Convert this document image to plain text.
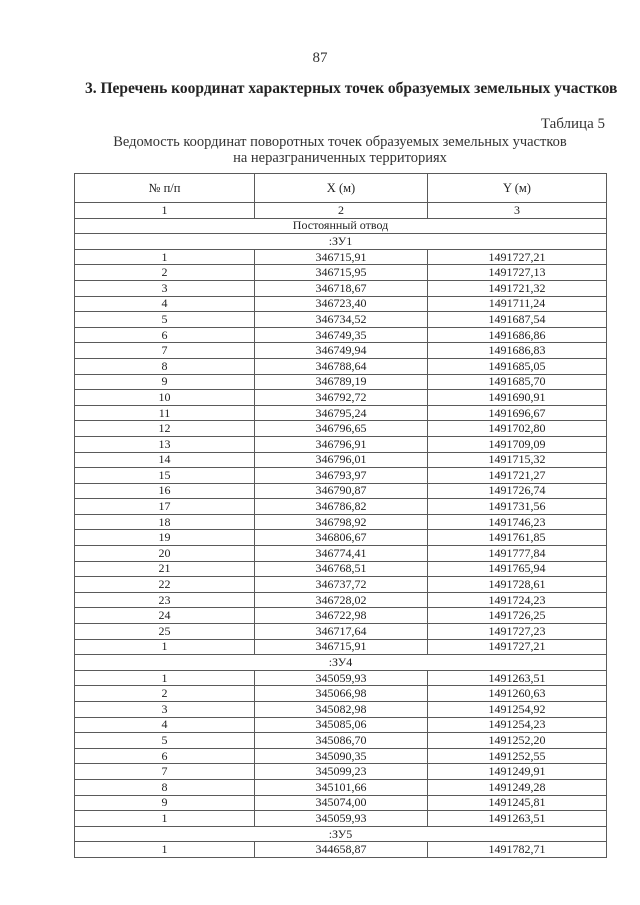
87
3. Перечень координат характерных точек образуемых земельных участков
Таблица 5
Ведомость координат поворотных точек образуемых земельных участков
на неразграниченных территориях
№ п/п	X (м)	Y (м)
1	2	3
Постоянный отвод		
:ЗУ1		
1	346715,91	1491727,21
2	346715,95	1491727,13
3	346718,67	1491721,32
4	346723,40	1491711,24
5	346734,52	1491687,54
6	346749,35	1491686,86
7	346749,94	1491686,83
8	346788,64	1491685,05
9	346789,19	1491685,70
10	346792,72	1491690,91
11	346795,24	1491696,67
12	346796,65	1491702,80
13	346796,91	1491709,09
14	346796,01	1491715,32
15	346793,97	1491721,27
16	346790,87	1491726,74
17	346786,82	1491731,56
18	346798,92	1491746,23
19	346806,67	1491761,85
20	346774,41	1491777,84
21	346768,51	1491765,94
22	346737,72	1491728,61
23	346728,02	1491724,23
24	346722,98	1491726,25
25	346717,64	1491727,23
1	346715,91	1491727,21
:ЗУ4		
1	345059,93	1491263,51
2	345066,98	1491260,63
3	345082,98	1491254,92
4	345085,06	1491254,23
5	345086,70	1491252,20
6	345090,35	1491252,55
7	345099,23	1491249,91
8	345101,66	1491249,28
9	345074,00	1491245,81
1	345059,93	1491263,51
:ЗУ5		
1	344658,87	1491782,71
